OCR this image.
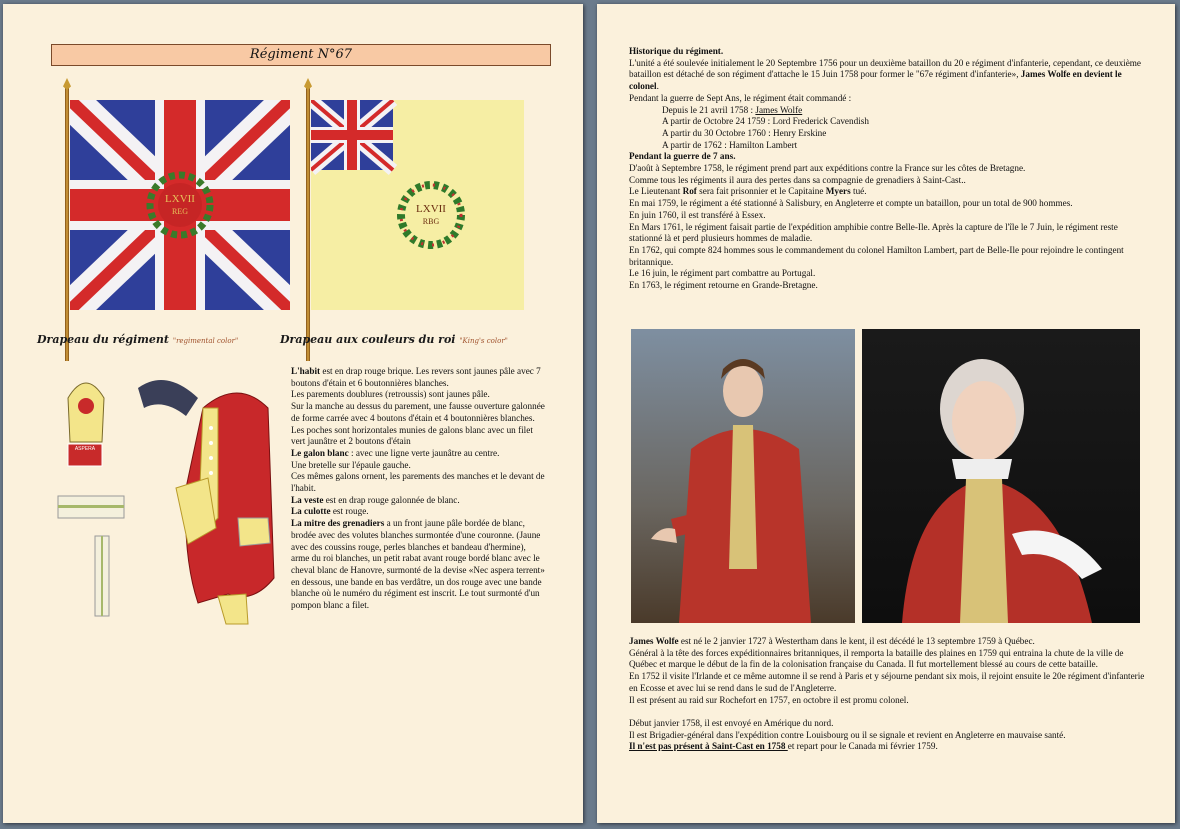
Régiment N°67
LXVII
REG
Drapeau du régiment "regimental color"
LXVII
RBG
Drapeau aux couleurs du roi "King's color"
ASPERA

L'habit est en drap rouge brique. Les revers sont jaunes pâle avec 7 boutons d'étain et 6 boutonnières blanches.

Les parements doublures (retroussis) sont jaunes pâle.

Sur la manche au dessus du parement, une fausse ouverture galonnée de forme carrée avec 4 boutons d'étain et 4 boutonnières blanches.

Les poches sont horizontales munies de galons blanc avec un filet vert jaunâtre et 2 boutons d'étain

Le galon blanc : avec une ligne verte jaunâtre au centre.

Une bretelle sur l'épaule gauche.

Ces mêmes galons ornent, les parements des manches et le devant de l'habit.

La veste est en drap rouge galonnée de blanc.

La culotte est rouge.

La mitre des grenadiers a un front jaune pâle bordée de blanc, brodée avec des volutes blanches surmontée d'une couronne. (Jaune avec des coussins rouge, perles blanches et bandeau d'hermine), arme du roi blanches, un petit rabat avant rouge bordé blanc avec le cheval blanc de Hanovre, surmonté de la devise «Nec aspera terrent» en dessous, une bande en bas verdâtre, un dos rouge avec une bande blanche où le numéro du régiment est inscrit. Le tout surmonté d'un pompon blanc a filet.

Historique du régiment.

L'unité a été soulevée initialement le 20 Septembre 1756 pour un deuxième bataillon du 20 e régiment d'infanterie, cependant, ce deuxième bataillon est détaché de son régiment d'attache le 15 Juin 1758 pour former le "67e régiment d'infanterie», James Wolfe en devient le colonel.

Pendant la guerre de Sept Ans, le régiment était commandé :

Depuis le 21 avril 1758 : James Wolfe

A partir de Octobre 24 1759 : Lord Frederick Cavendish

A partir du 30 Octobre 1760 : Henry Erskine

A partir de 1762 : Hamilton Lambert

Pendant la guerre de 7 ans.

D'août à Septembre 1758, le régiment prend part aux expéditions contre la France sur les côtes de Bretagne.

Comme tous les régiments il aura des pertes dans sa compagnie de grenadiers à Saint-Cast..

Le Lieutenant Rof sera fait prisonnier et le Capitaine Myers tué.

En mai 1759, le régiment a été stationné à Salisbury, en Angleterre et compte un bataillon, pour un total de 900 hommes.

En juin 1760, il est transféré à Essex.

En Mars 1761, le régiment faisait partie de l'expédition amphibie contre Belle-Ile. Après la capture de l'île le 7 Juin, le régiment reste stationné là et perd plusieurs hommes de maladie.

En 1762, qui compte 824 hommes sous le commandement du colonel Hamilton Lambert, part de Belle-Ile pour rejoindre le contingent britannique.

Le 16 juin, le régiment part combattre au Portugal.

En 1763, le régiment retourne en Grande-Bretagne.

James Wolfe est né le 2 janvier 1727 à Westertham dans le kent, il est décédé le 13 septembre 1759 à Québec.

Général à la tête des forces expéditionnaires britanniques, il remporta la bataille des plaines en 1759 qui entraina la chute de la ville de Québec et marque le début de la fin de la colonisation française du Canada. Il fut mortellement blessé au cours de cette bataille.

En 1752 il visite l'Irlande et ce même automne il se rend à Paris et y séjourne pendant six mois, il rejoint ensuite le 20e régiment d'infanterie en Ecosse et avec lui se rend dans le sud de l'Angleterre.

Il est présent au raid sur Rochefort en 1757, en octobre il est promu colonel.

Début janvier 1758, il est envoyé en Amérique du nord.

Il est Brigadier-général dans l'expédition contre Louisbourg ou il se signale et revient en Angleterre en mauvaise santé.

Il n'est pas présent à Saint-Cast en 1758 et repart pour le Canada mi février 1759.
